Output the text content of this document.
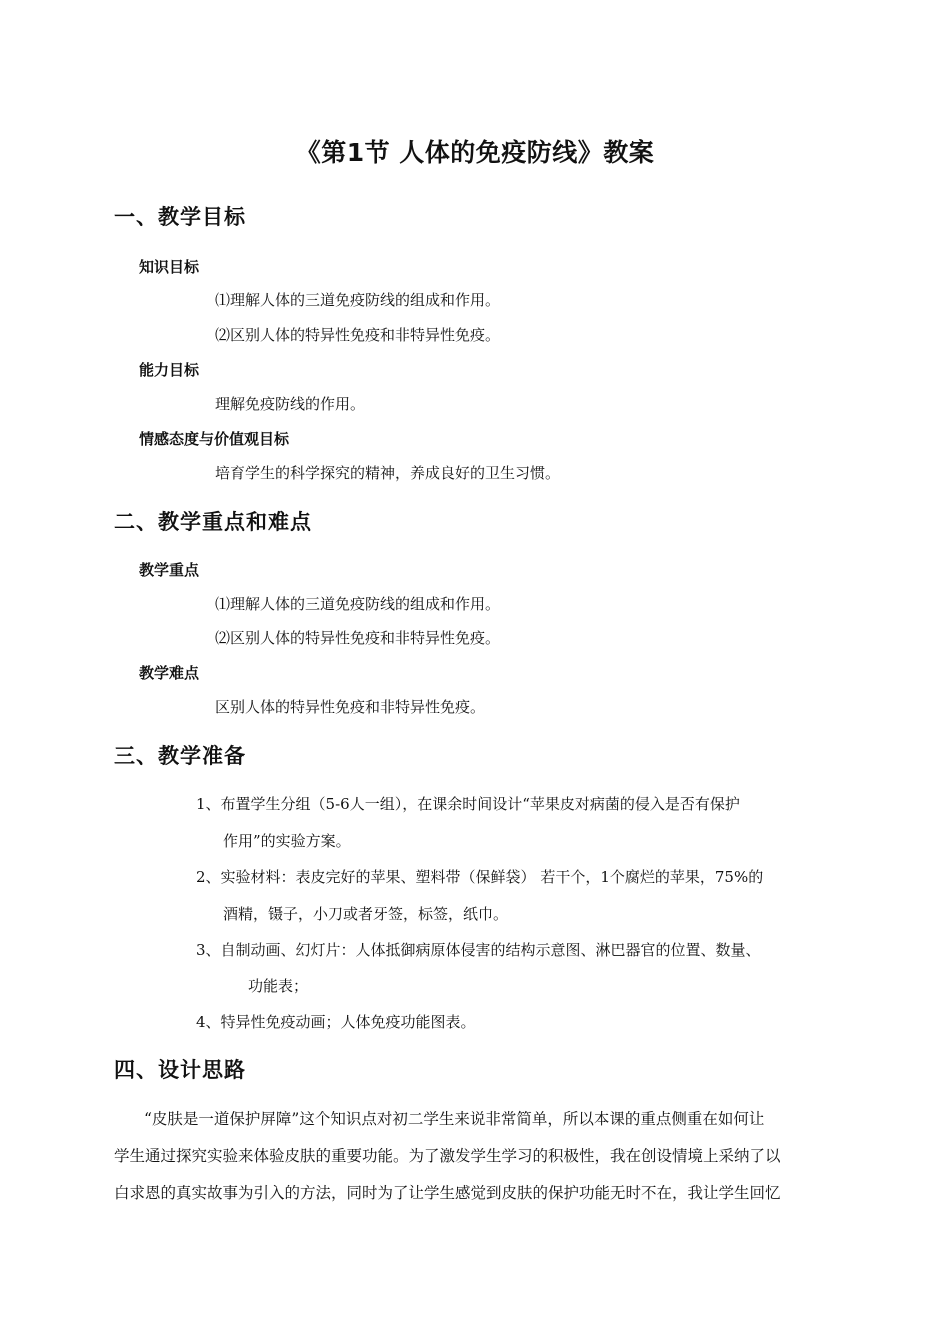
《第1节 人体的免疫防线》教案
一、教学目标
知识目标
⑴理解人体的三道免疫防线的组成和作用。
⑵区别人体的特异性免疫和非特异性免疫。
能力目标
理解免疫防线的作用。
情感态度与价值观目标
培育学生的科学探究的精神，养成良好的卫生习惯。
二、教学重点和难点
教学重点
⑴理解人体的三道免疫防线的组成和作用。
⑵区别人体的特异性免疫和非特异性免疫。
教学难点
区别人体的特异性免疫和非特异性免疫。
三、教学准备
1、布置学生分组（5-6人一组），在课余时间设计“苹果皮对病菌的侵入是否有保护
作用”的实验方案。
2、实验材料：表皮完好的苹果、塑料带（保鲜袋） 若干个，1个腐烂的苹果，75%的
酒精，镊子，小刀或者牙签，标签，纸巾。
3、自制动画、幻灯片：人体抵御病原体侵害的结构示意图、淋巴器官的位置、数量、
功能表；
4、特异性免疫动画；人体免疫功能图表。
四、设计思路
“皮肤是一道保护屏障”这个知识点对初二学生来说非常简单，所以本课的重点侧重在如何让
学生通过探究实验来体验皮肤的重要功能。为了激发学生学习的积极性，我在创设情境上采纳了以
白求恩的真实故事为引入的方法，同时为了让学生感觉到皮肤的保护功能无时不在，我让学生回忆
